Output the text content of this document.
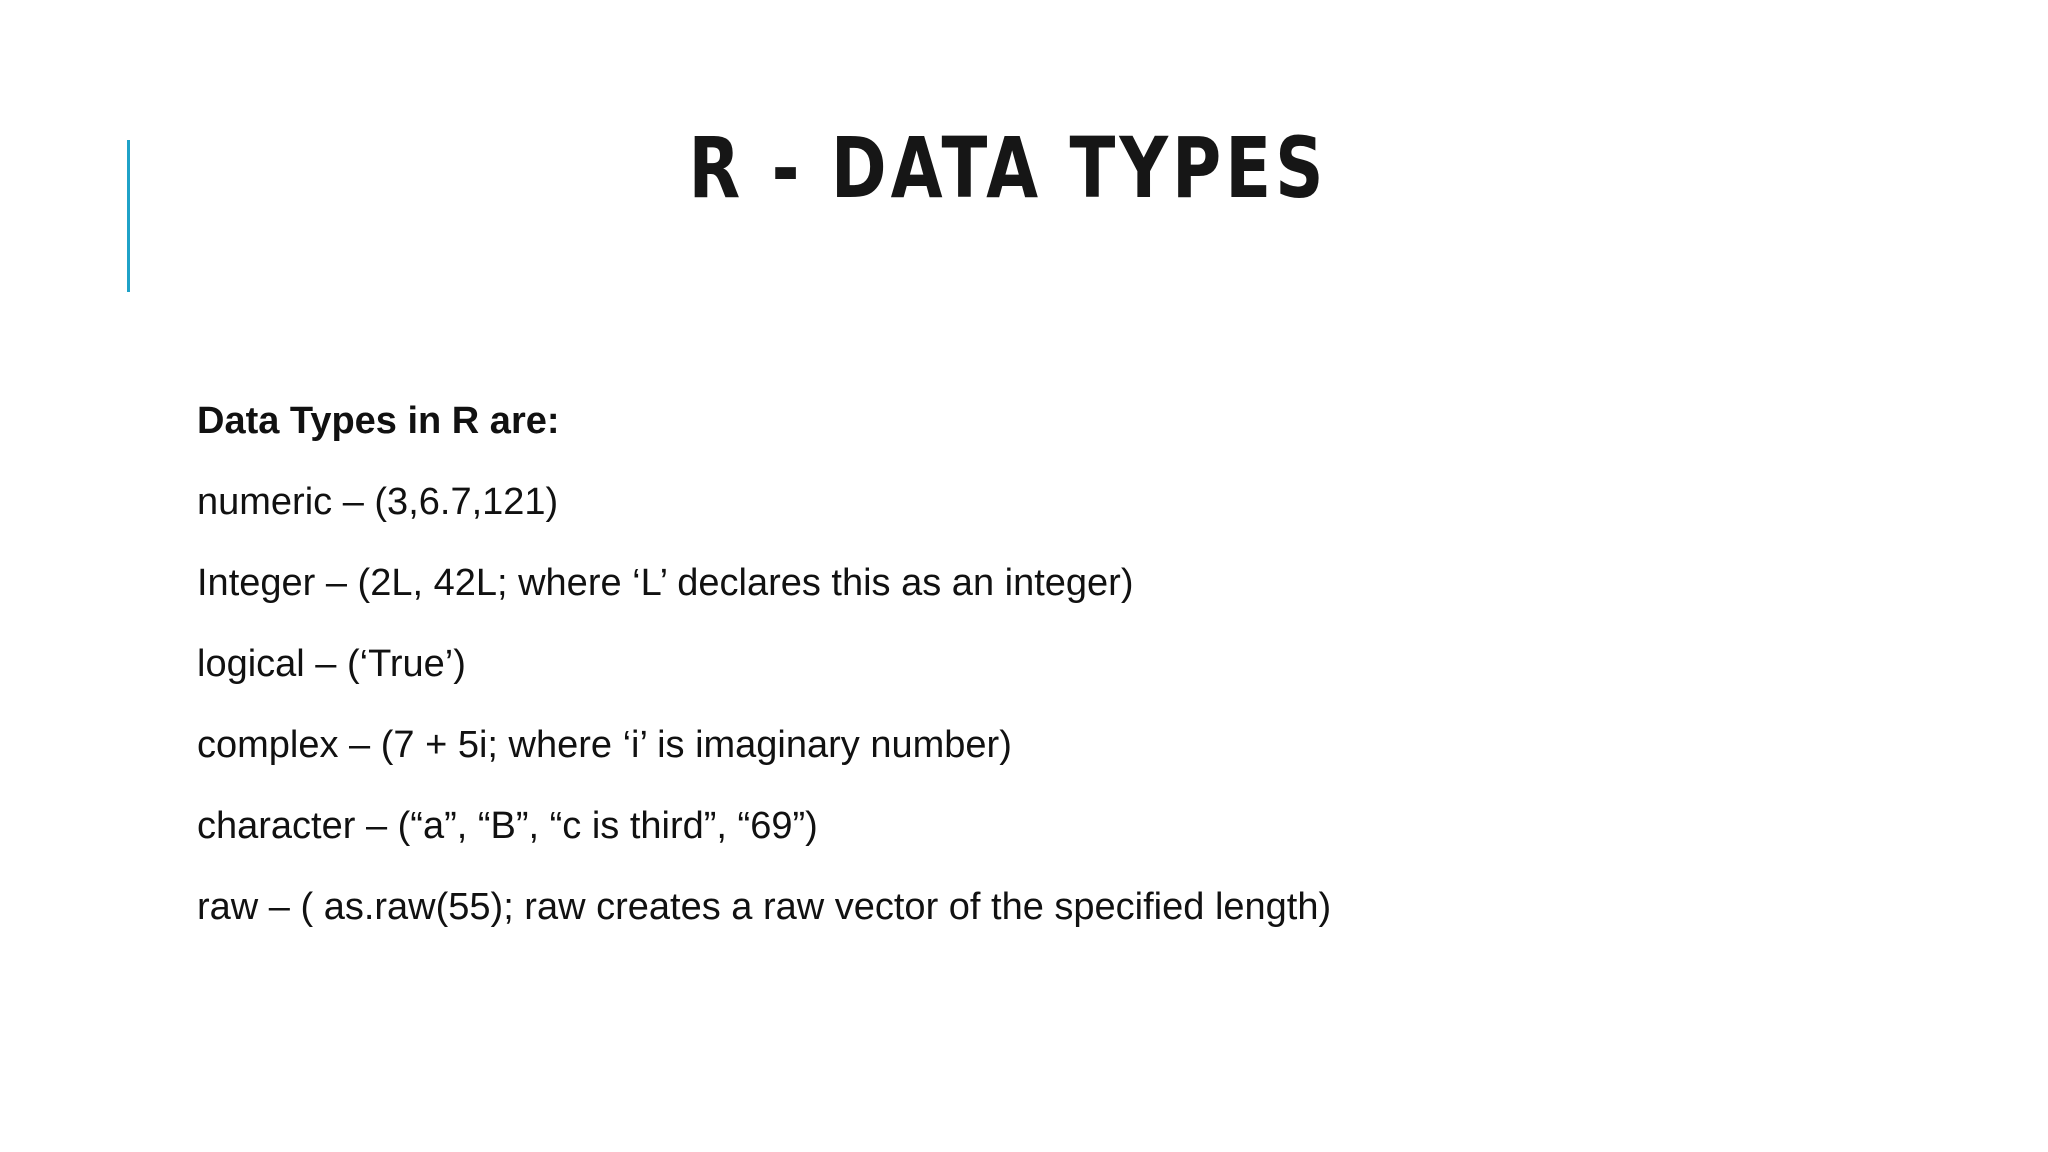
R - DATA TYPES
Data Types in R are:
numeric – (3,6.7,121)
Integer – (2L, 42L; where ‘L’ declares this as an integer)
logical – (‘True’)
complex – (7 + 5i; where ‘i’ is imaginary number)
character – (“a”, “B”, “c is third”, “69”)
raw – ( as.raw(55); raw creates a raw vector of the specified length)
